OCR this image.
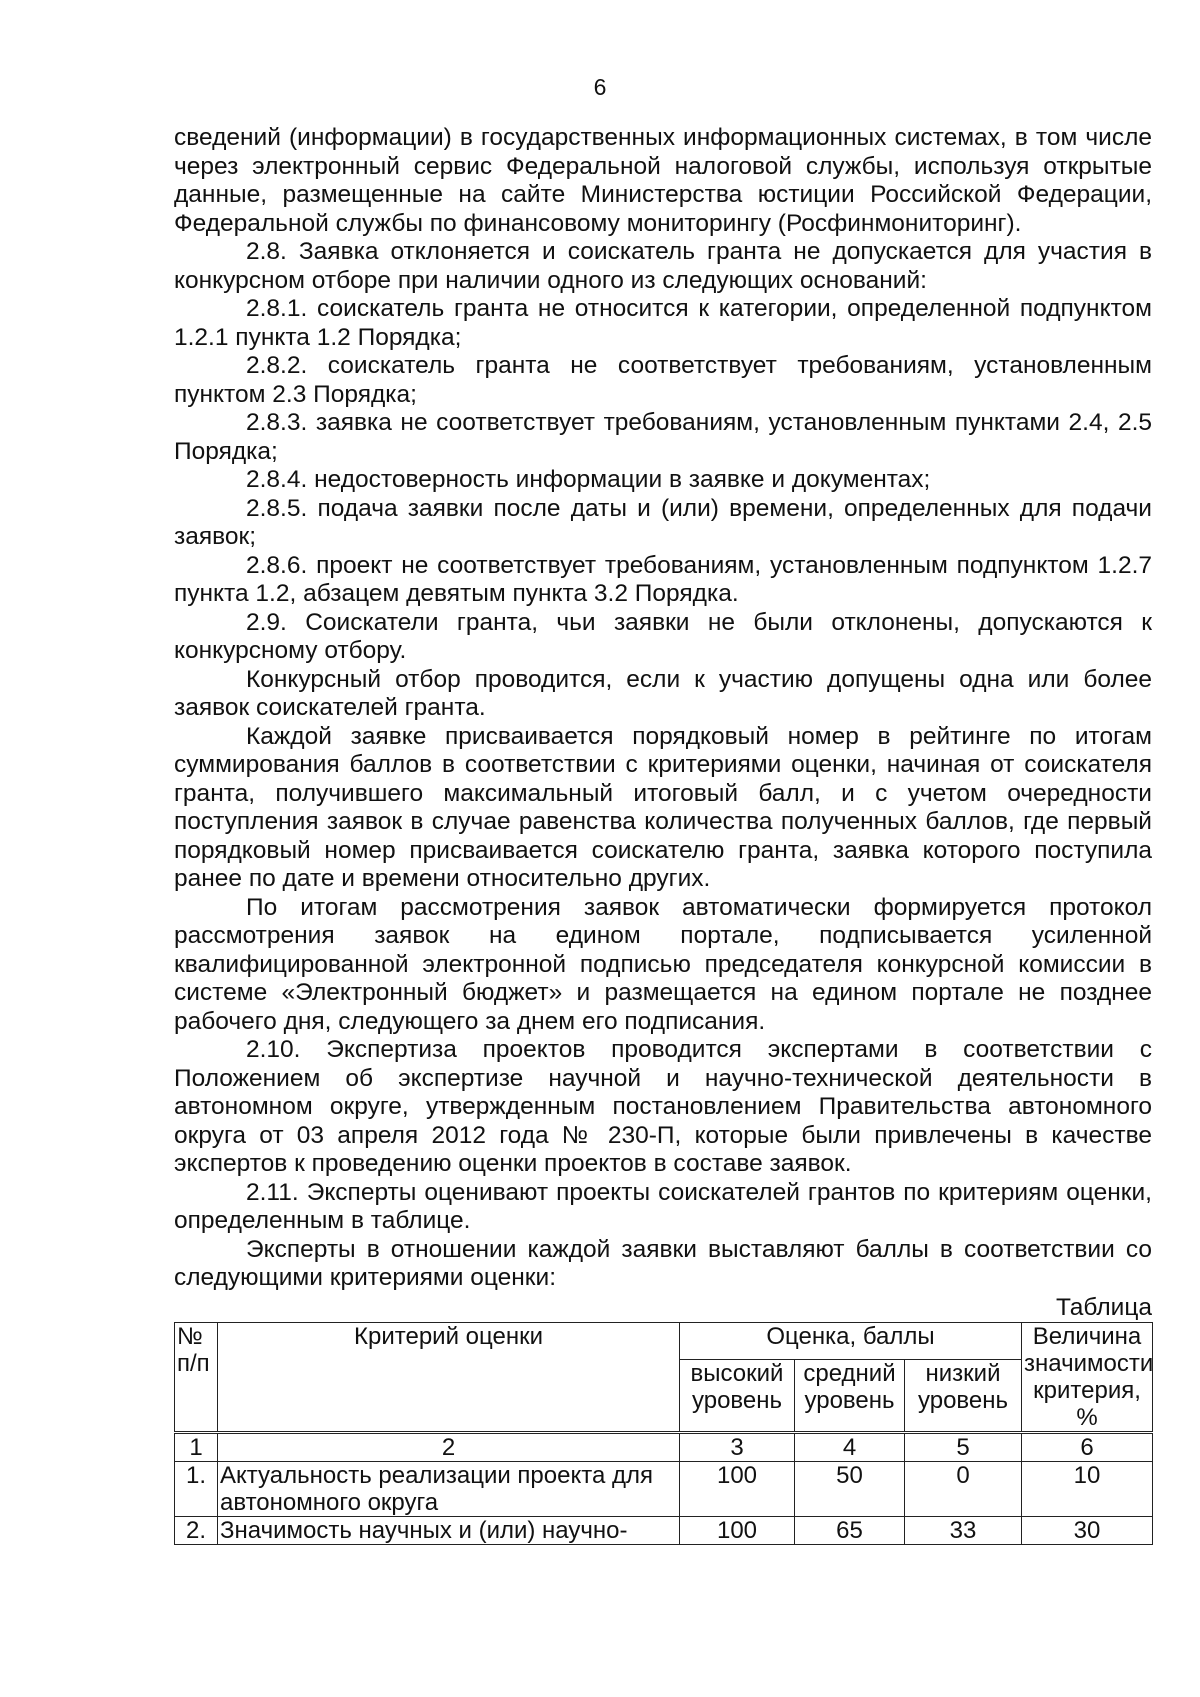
6

сведений (информации) в государственных информационных системах, в том числе через электронный сервис Федеральной налоговой службы, используя открытые данные, размещенные на сайте Министерства юстиции Российской Федерации, Федеральной службы по финансовому мониторингу (Росфинмониторинг).

2.8. Заявка отклоняется и соискатель гранта не допускается для участия в конкурсном отборе при наличии одного из следующих оснований:

2.8.1. соискатель гранта не относится к категории, определенной подпунктом 1.2.1 пункта 1.2 Порядка;

2.8.2. соискатель гранта не соответствует требованиям, установленным пунктом 2.3 Порядка;

2.8.3. заявка не соответствует требованиям, установленным пунктами 2.4, 2.5 Порядка;

2.8.4. недостоверность информации в заявке и документах;

2.8.5. подача заявки после даты и (или) времени, определенных для подачи заявок;

2.8.6. проект не соответствует требованиям, установленным подпунктом 1.2.7 пункта 1.2, абзацем девятым пункта 3.2 Порядка.

2.9. Соискатели гранта, чьи заявки не были отклонены, допускаются к конкурсному отбору.

Конкурсный отбор проводится, если к участию допущены одна или более заявок соискателей гранта.

Каждой заявке присваивается порядковый номер в рейтинге по итогам суммирования баллов в соответствии с критериями оценки, начиная от соискателя гранта, получившего максимальный итоговый балл, и с учетом очередности поступления заявок в случае равенства количества полученных баллов, где первый порядковый номер присваивается соискателю гранта, заявка которого поступила ранее по дате и времени относительно других.

По итогам рассмотрения заявок автоматически формируется протокол рассмотрения заявок на едином портале, подписывается усиленной квалифицированной электронной подписью председателя конкурсной комиссии в системе «Электронный бюджет» и размещается на едином портале не позднее рабочего дня, следующего за днем его подписания.

2.10. Экспертиза проектов проводится экспертами в соответствии с Положением об экспертизе научной и научно-технической деятельности в автономном округе, утвержденным постановлением Правительства автономного округа от 03 апреля 2012 года № 230-П, которые были привлечены в качестве экспертов к проведению оценки проектов в составе заявок.

2.11. Эксперты оценивают проекты соискателей грантов по критериям оценки, определенным в таблице.

Эксперты в отношении каждой заявки выставляют баллы в соответствии со следующими критериями оценки:

Таблица
№ п/п	Критерий оценки	Оценка, баллы			Величина значимости критерия, %
		высокий уровень	средний уровень	низкий уровень	
1	2	3	4	5	6
1.	Актуальность реализации проекта для автономного округа	100	50	0	10
2.	Значимость научных и (или) научно-	100	65	33	30
